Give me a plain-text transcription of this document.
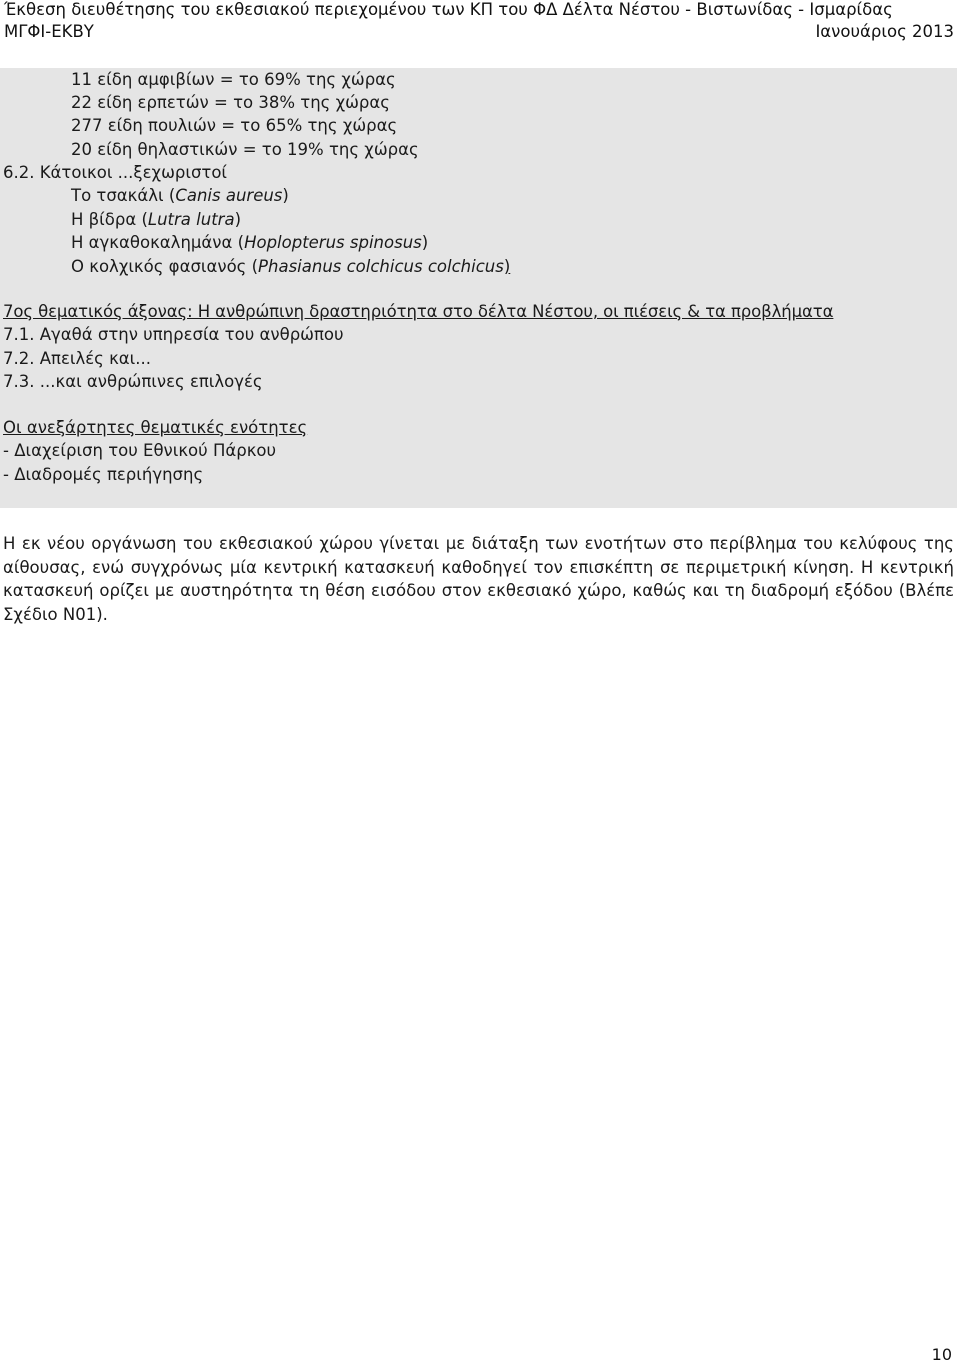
Έκθεση διευθέτησης του εκθεσιακού περιεχομένου των ΚΠ του ΦΔ Δέλτα Νέστου - Βιστωνίδας - Ισμαρίδας
ΜΓΦΙ-ΕΚΒΥ	Ιανουάριος 2013
11 είδη αμφιβίων = το 69% της χώρας
22 είδη ερπετών = το 38% της χώρας
277 είδη πουλιών = το 65% της χώρας
20 είδη θηλαστικών = το 19% της χώρας
6.2. Κάτοικοι ...ξεχωριστοί
Το τσακάλι (Canis aureus)
Η βίδρα (Lutra lutra)
Η αγκαθοκαλημάνα (Hoplopterus spinosus)
Ο κολχικός φασιανός (Phasianus colchicus colchicus)
7ος θεματικός άξονας: Η ανθρώπινη δραστηριότητα στο δέλτα Νέστου, οι πιέσεις & τα προβλήματα
7.1. Αγαθά στην υπηρεσία του ανθρώπου
7.2. Απειλές και...
7.3. ...και ανθρώπινες επιλογές
Οι ανεξάρτητες θεματικές ενότητες
- Διαχείριση του Εθνικού Πάρκου
- Διαδρομές περιήγησης
Η εκ νέου οργάνωση του εκθεσιακού χώρου γίνεται με διάταξη των ενοτήτων στο περίβλημα του κελύφους της αίθουσας, ενώ συγχρόνως μία κεντρική κατασκευή καθοδηγεί τον επισκέπτη σε περιμετρική κίνηση. Η κεντρική κατασκευή ορίζει με αυστηρότητα τη θέση εισόδου στον εκθεσιακό χώρο, καθώς και τη διαδρομή εξόδου (Βλέπε Σχέδιο Ν01).
10
